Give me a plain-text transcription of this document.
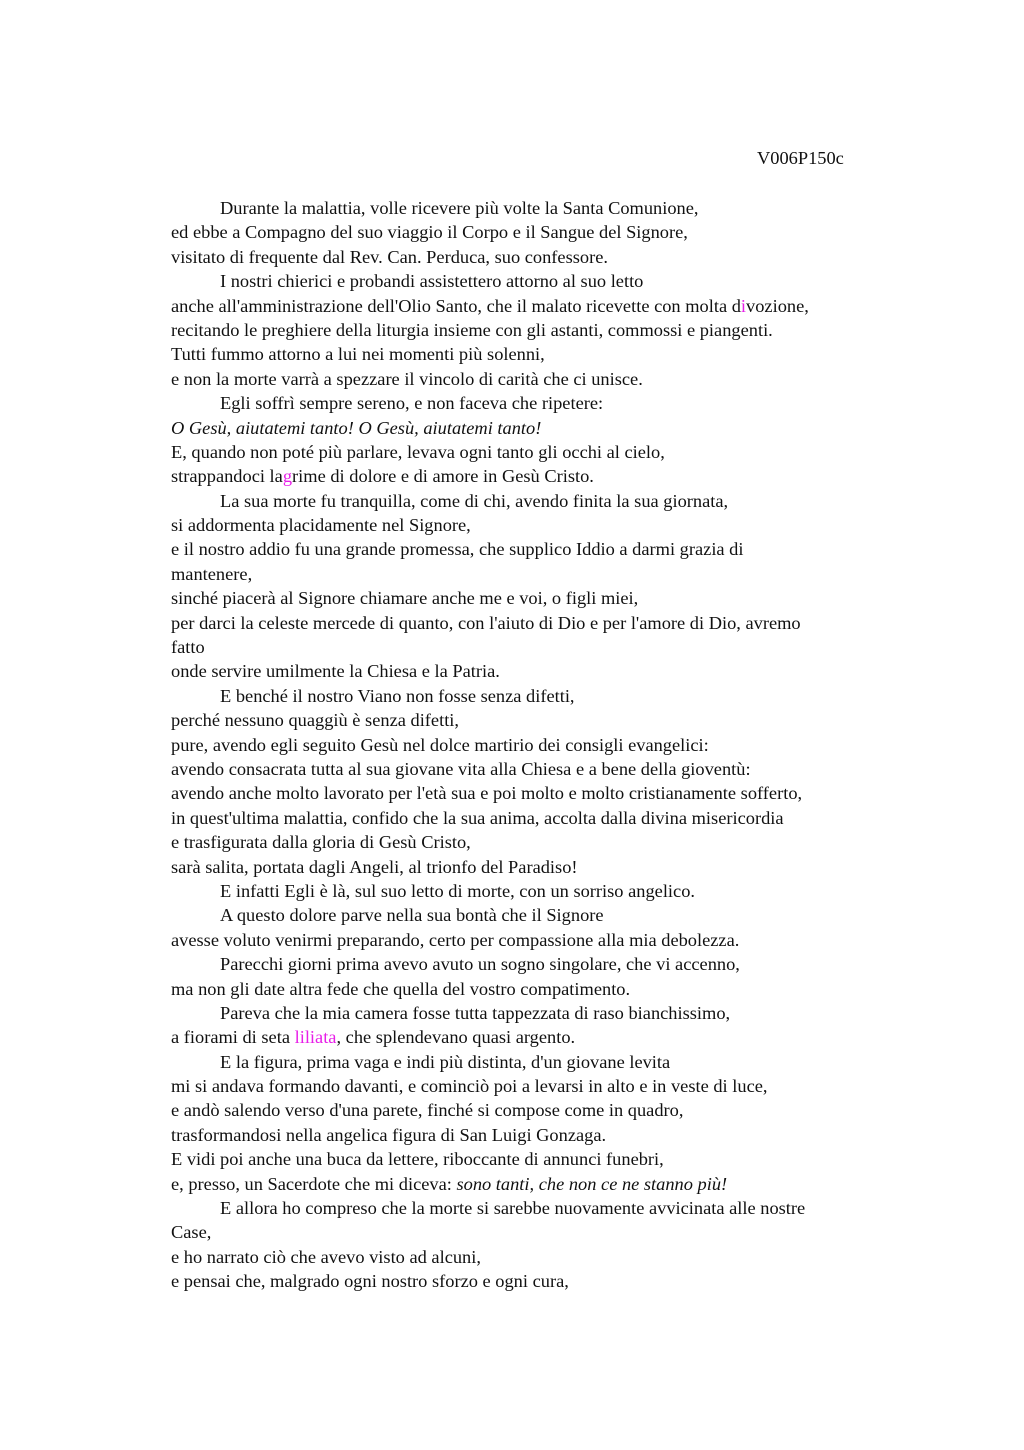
V006P150c
Durante la malattia, volle ricevere più volte la Santa Comunione,
ed ebbe a Compagno del suo viaggio il Corpo e il Sangue del Signore,
visitato di frequente dal Rev. Can. Perduca, suo confessore.
I nostri chierici e probandi assistettero attorno al suo letto
anche all'amministrazione dell'Olio Santo, che il malato ricevette con molta divozione,
recitando le preghiere della liturgia insieme con gli astanti, commossi e piangenti.
Tutti fummo attorno a lui nei momenti più solenni,
e non la morte varrà a spezzare il vincolo di carità che ci unisce.
Egli soffrì sempre sereno, e non faceva che ripetere:
O Gesù, aiutatemi tanto! O Gesù, aiutatemi tanto!
E, quando non poté più parlare, levava ogni tanto gli occhi al cielo,
strappandoci lagrime di dolore e di amore in Gesù Cristo.
La sua morte fu tranquilla, come di chi, avendo finita la sua giornata,
si addormenta placidamente nel Signore,
e il nostro addio fu una grande promessa, che supplico Iddio a darmi grazia di
mantenere,
sinché piacerà al Signore chiamare anche me e voi, o figli miei,
per darci la celeste mercede di quanto, con l'aiuto di Dio e per l'amore di Dio, avremo
fatto
onde servire umilmente la Chiesa e la Patria.
E benché il nostro Viano non fosse senza difetti,
perché nessuno quaggiù è senza difetti,
pure, avendo egli seguito Gesù nel dolce martirio dei consigli evangelici:
avendo consacrata tutta al sua giovane vita alla Chiesa e a bene della gioventù:
avendo anche molto lavorato per l'età sua e poi molto e molto cristianamente sofferto,
in quest'ultima malattia, confido che la sua anima, accolta dalla divina misericordia
e trasfigurata dalla gloria di Gesù Cristo,
sarà salita, portata dagli Angeli, al trionfo del Paradiso!
E infatti Egli è là, sul suo letto di morte, con un sorriso angelico.
A questo dolore parve nella sua bontà che il Signore
avesse voluto venirmi preparando, certo per compassione alla mia debolezza.
Parecchi giorni prima avevo avuto un sogno singolare, che vi accenno,
ma non gli date altra fede che quella del vostro compatimento.
Pareva che la mia camera fosse tutta tappezzata di raso bianchissimo,
a fiorami di seta liliata, che splendevano quasi argento.
E la figura, prima vaga e indi più distinta, d'un giovane levita
mi si andava formando davanti, e cominciò poi a levarsi in alto e in veste di luce,
e andò salendo verso d'una parete, finché si compose come in quadro,
trasformandosi nella angelica figura di San Luigi Gonzaga.
E vidi poi anche una buca da lettere, riboccante di annunci funebri,
e, presso, un Sacerdote che mi diceva: sono tanti, che non ce ne stanno più!
E allora ho compreso che la morte si sarebbe nuovamente avvicinata alle nostre
Case,
e ho narrato ciò che avevo visto ad alcuni,
e pensai che, malgrado ogni nostro sforzo e ogni cura,
